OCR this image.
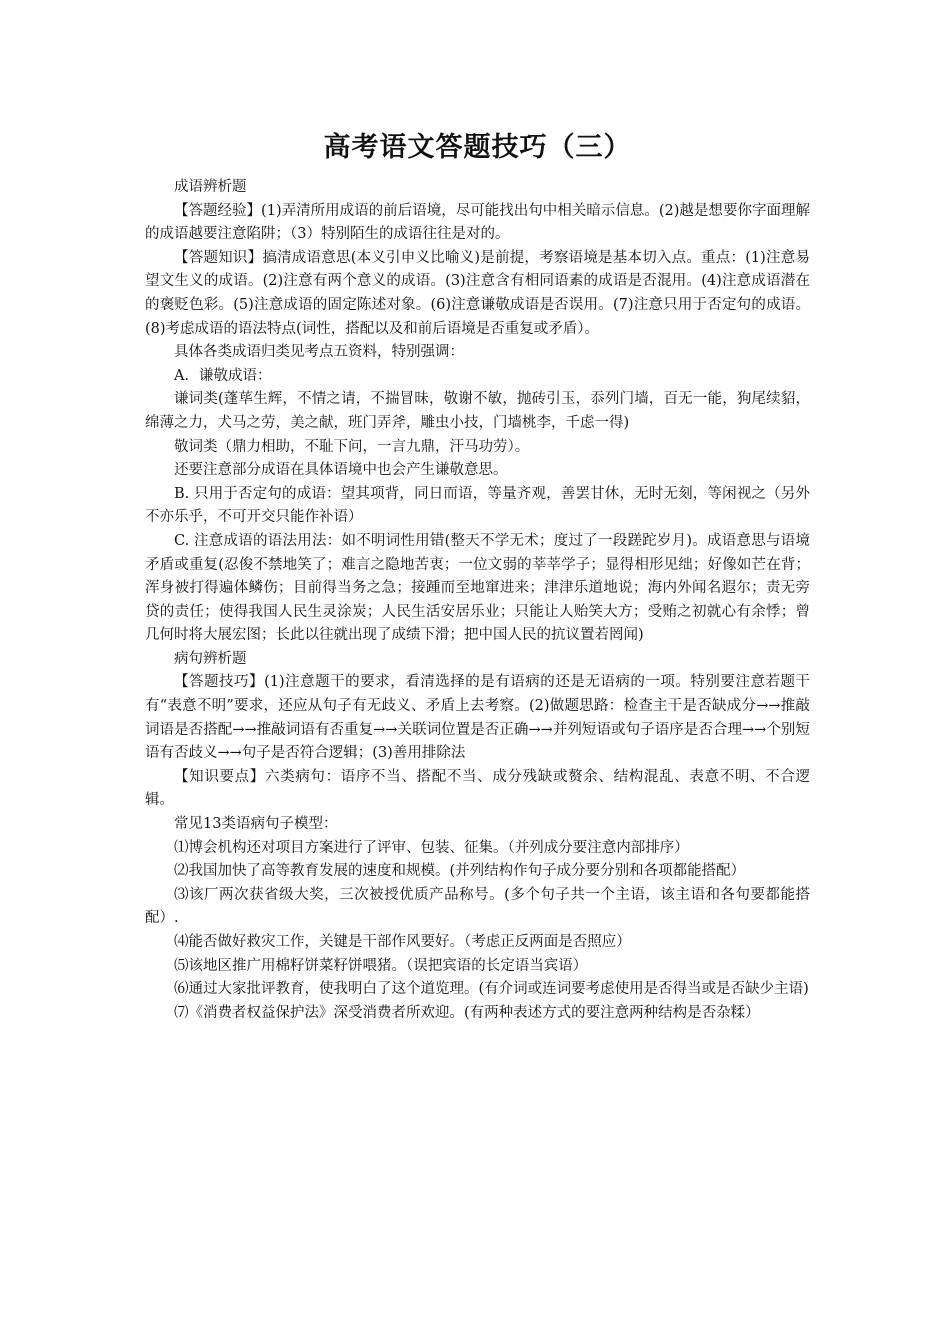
高考语文答题技巧（三）

成语辨析题

【答题经验】(1)弄清所用成语的前后语境，尽可能找出句中相关暗示信息。(2)越是想要你字面理解的成语越要注意陷阱；（3）特别陌生的成语往往是对的。

【答题知识】搞清成语意思(本义引申义比喻义)是前提，考察语境是基本切入点。重点：(1)注意易望文生义的成语。(2)注意有两个意义的成语。(3)注意含有相同语素的成语是否混用。(4)注意成语潜在的褒贬色彩。(5)注意成语的固定陈述对象。(6)注意谦敬成语是否误用。(7)注意只用于否定句的成语。(8)考虑成语的语法特点(词性，搭配以及和前后语境是否重复或矛盾）。

具体各类成语归类见考点五资料，特别强调：

A．谦敬成语：

谦词类(蓬荜生辉，不情之请，不揣冒昧，敬谢不敏，抛砖引玉，忝列门墙，百无一能，狗尾续貂，绵薄之力，犬马之劳，美之献，班门弄斧，雕虫小技，门墙桃李，千虑一得)

敬词类（鼎力相助，不耻下问，一言九鼎，汗马功劳）。

还要注意部分成语在具体语境中也会产生谦敬意思。

B. 只用于否定句的成语：望其项背，同日而语，等量齐观，善罢甘休，无时无刻，等闲视之（另外不亦乐乎，不可开交只能作补语）

C. 注意成语的语法用法：如不明词性用错(整天不学无术；度过了一段蹉跎岁月)。成语意思与语境矛盾或重复(忍俊不禁地笑了；难言之隐地苦衷；一位文弱的莘莘学子；显得相形见绌；好像如芒在背；浑身被打得遍体鳞伤；目前得当务之急；接踵而至地窜进来；津津乐道地说；海内外闻名遐尔；责无旁贷的责任；使得我国人民生灵涂炭；人民生活安居乐业；只能让人贻笑大方；受贿之初就心有余悸；曾几何时将大展宏图；长此以往就出现了成绩下滑；把中国人民的抗议置若罔闻)

病句辨析题

【答题技巧】(1)注意题干的要求，看清选择的是有语病的还是无语病的一项。特别要注意若题干有“表意不明”要求，还应从句子有无歧义、矛盾上去考察。(2)做题思路：检查主干是否缺成分→→推敲词语是否搭配→→推敲词语有否重复→→关联词位置是否正确→→并列短语或句子语序是否合理→→个别短语有否歧义→→句子是否符合逻辑；(3)善用排除法

【知识要点】六类病句：语序不当、搭配不当、成分残缺或赘余、结构混乱、表意不明、不合逻辑。

常见13类语病句子模型：

⑴博会机构还对项目方案进行了评审、包装、征集。（并列成分要注意内部排序）

⑵我国加快了高等教育发展的速度和规模。(并列结构作句子成分要分别和各项都能搭配）

⑶该厂两次获省级大奖，三次被授优质产品称号。(多个句子共一个主语，该主语和各句要都能搭配）.

⑷能否做好救灾工作，关键是干部作风要好。（考虑正反两面是否照应）

⑸该地区推广用棉籽饼菜籽饼喂猪。（误把宾语的长定语当宾语）

⑹通过大家批评教育，使我明白了这个道览理。(有介词或连词要考虑使用是否得当或是否缺少主语)

⑺《消费者权益保护法》深受消费者所欢迎。(有两种表述方式的要注意两种结构是否杂糅）
